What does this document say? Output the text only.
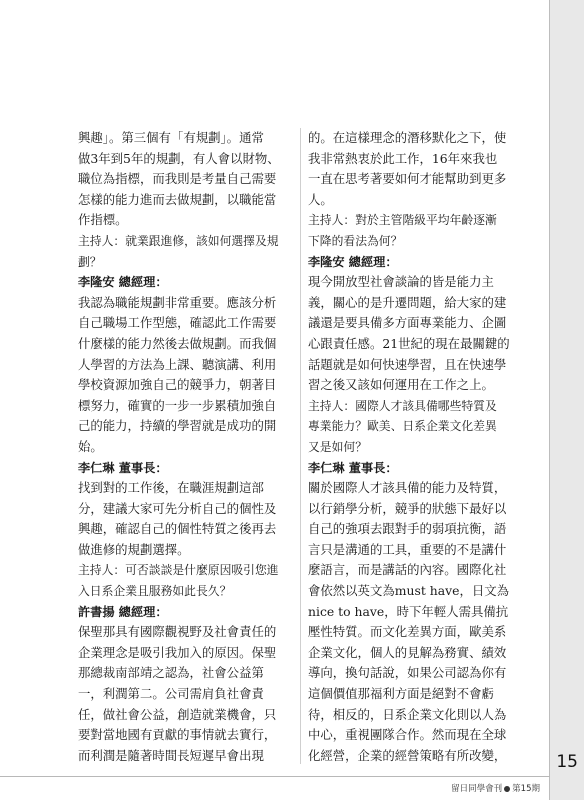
興趣」。第三個有「有規劃」。通常
做3年到5年的規劃，有人會以財物、
職位為指標，而我則是考量自己需要
怎樣的能力進而去做規劃，以職能當
作指標。
主持人：就業跟進修，該如何選擇及規
劃？
李隆安 總經理：
我認為職能規劃非常重要。應該分析
自己職場工作型態，確認此工作需要
什麼樣的能力然後去做規劃。而我個
人學習的方法為上課、聽演講、利用
學校資源加強自己的競爭力，朝著目
標努力，確實的一步一步累積加強自
己的能力，持續的學習就是成功的開
始。
李仁琳 董事長：
找到對的工作後，在職涯規劃這部
分，建議大家可先分析自己的個性及
興趣，確認自己的個性特質之後再去
做進修的規劃選擇。
主持人：可否談談是什麼原因吸引您進
入日系企業且服務如此長久？
許書揚 總經理：
保聖那具有國際觀視野及社會責任的
企業理念是吸引我加入的原因。保聖
那總裁南部靖之認為，社會公益第
一，利潤第二。公司需肩負社會責
任，做社會公益，創造就業機會，只
要對當地國有貢獻的事情就去實行，
而利潤是隨著時間長短遲早會出現
的。在這樣理念的潛移默化之下，使
我非常熱衷於此工作，16年來我也
一直在思考著要如何才能幫助到更多
人。
主持人：對於主管階級平均年齡逐漸
下降的看法為何？
李隆安 總經理：
現今開放型社會談論的皆是能力主
義，關心的是升遷問題，給大家的建
議還是要具備多方面專業能力、企圖
心跟責任感。21世紀的現在最關鍵的
話題就是如何快速學習，且在快速學
習之後又該如何運用在工作之上。
主持人：國際人才該具備哪些特質及
專業能力？歐美、日系企業文化差異
又是如何？
李仁琳 董事長：
關於國際人才該具備的能力及特質，
以行銷學分析，競爭的狀態下最好以
自己的強項去跟對手的弱項抗衡，語
言只是溝通的工具，重要的不是講什
麼語言，而是講話的內容。國際化社
會依然以英文為must have，日文為
nice to have，時下年輕人需具備抗
壓性特質。而文化差異方面，歐美系
企業文化，個人的見解為務實、績效
導向，換句話說，如果公司認為你有
這個價值那福利方面是絕對不會虧
待，相反的，日系企業文化則以人為
中心，重視團隊合作。然而現在全球
化經營，企業的經營策略有所改變，	15
留日同學會刊 第15期
